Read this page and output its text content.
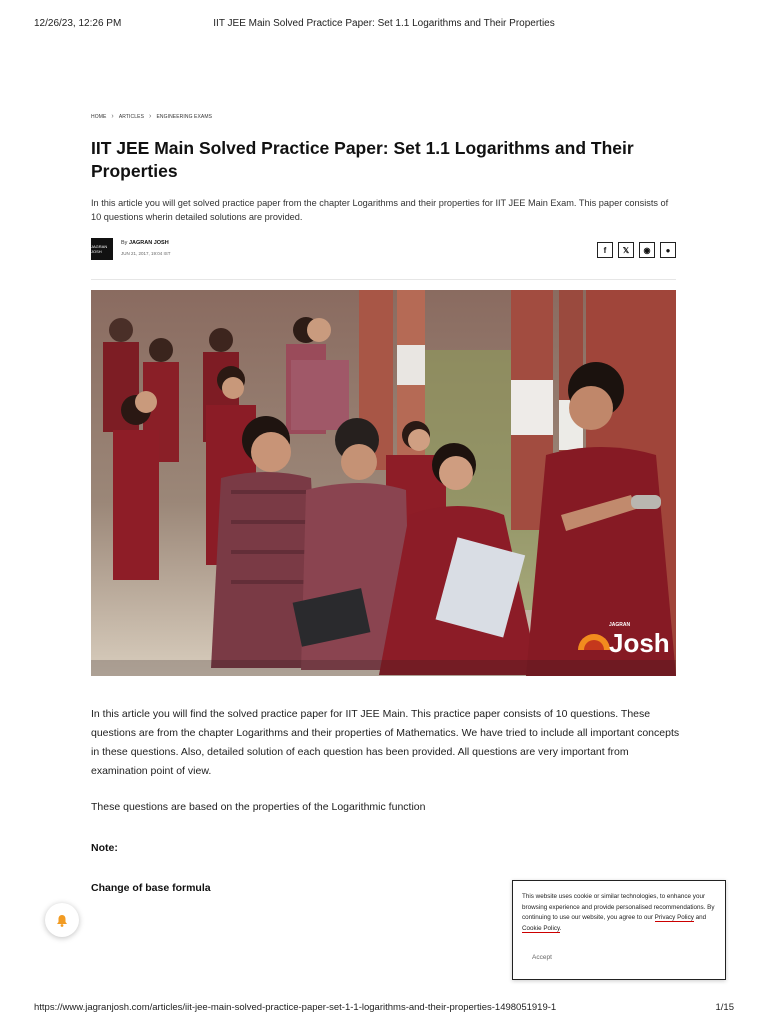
12/26/23, 12:26 PM	IIT JEE Main Solved Practice Paper: Set 1.1 Logarithms and Their Properties
HOME › ARTICLES › ENGINEERING EXAMS
IIT JEE Main Solved Practice Paper: Set 1.1 Logarithms and Their Properties

In this article you will get solved practice paper from the chapter Logarithms and their properties for IIT JEE Main Exam. This paper consists of 10 questions wherin detailed solutions are provided.

JAGRAN JOSH
By JAGRAN JOSH
JUN 21, 2017, 19:04 IST	f	𝕏	◉	●
JAGRAN
Josh

In this article you will find the solved practice paper for IIT JEE Main. This practice paper consists of 10 questions. These questions are from the chapter Logarithms and their properties of Mathematics. We have tried to include all important concepts in these questions. Also, detailed solution of each question has been provided. All questions are very important from examination point of view.

These questions are based on the properties of the Logarithmic function

Note:

Change of base formula

This website uses cookie or similar technologies, to enhance your browsing experience and provide personalised recommendations. By continuing to use our website, you agree to our Privacy Policy and Cookie Policy.

Accept
https://www.jagranjosh.com/articles/iit-jee-main-solved-practice-paper-set-1-1-logarithms-and-their-properties-1498051919-1	1/15
